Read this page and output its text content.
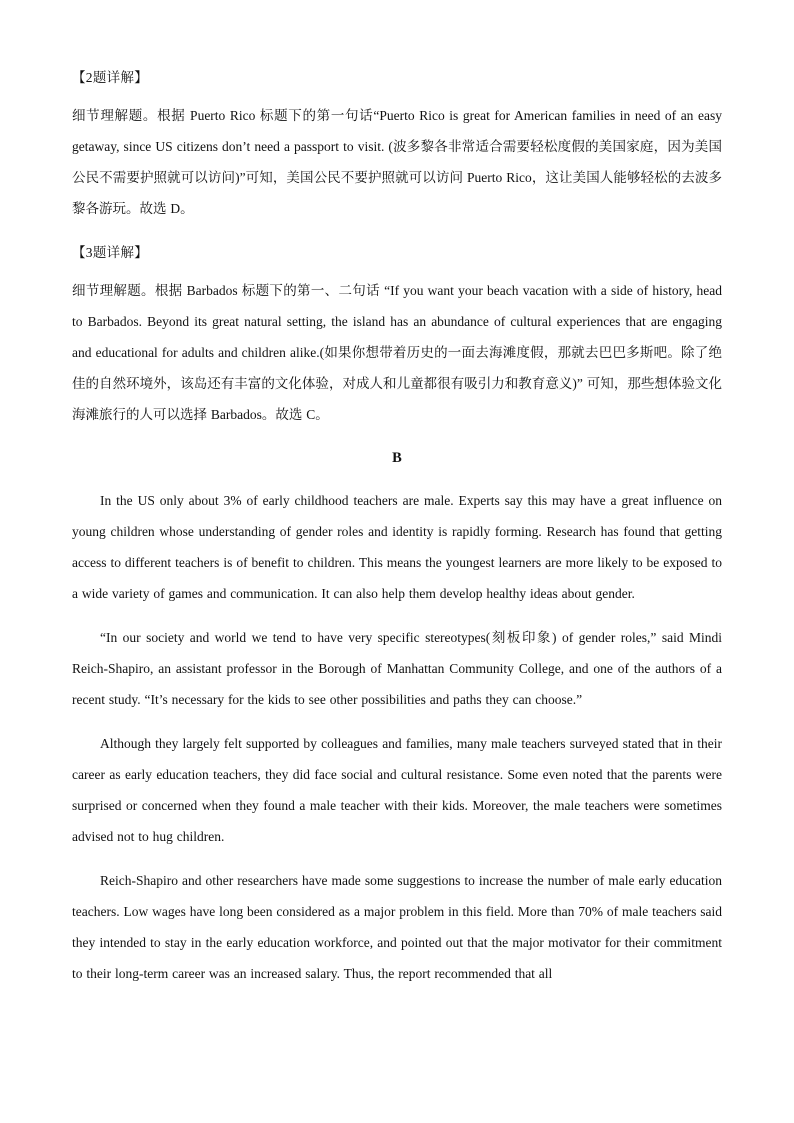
【2题详解】

细节理解题。根据 Puerto Rico 标题下的第一句话“Puerto Rico is great for American families in need of an easy getaway, since US citizens don’t need a passport to visit. (波多黎各非常适合需要轻松度假的美国家庭，因为美国公民不需要护照就可以访问)”可知，美国公民不要护照就可以访问 Puerto Rico，这让美国人能够轻松的去波多黎各游玩。故选 D。

【3题详解】

细节理解题。根据 Barbados 标题下的第一、二句话 “If you want your beach vacation with a side of history, head to Barbados. Beyond its great natural setting, the island has an abundance of cultural experiences that are engaging and educational for adults and children alike.(如果你想带着历史的一面去海滩度假，那就去巴巴多斯吧。除了绝佳的自然环境外，该岛还有丰富的文化体验，对成人和儿童都很有吸引力和教育意义)” 可知，那些想体验文化海滩旅行的人可以选择 Barbados。故选 C。

B

In the US only about 3% of early childhood teachers are male. Experts say this may have a great influence on young children whose understanding of gender roles and identity is rapidly forming. Research has found that getting access to different teachers is of benefit to children. This means the youngest learners are more likely to be exposed to a wide variety of games and communication. It can also help them develop healthy ideas about gender.

“In our society and world we tend to have very specific stereotypes(刻板印象) of gender roles,” said Mindi Reich-Shapiro, an assistant professor in the Borough of Manhattan Community College, and one of the authors of a recent study. “It’s necessary for the kids to see other possibilities and paths they can choose.”

Although they largely felt supported by colleagues and families, many male teachers surveyed stated that in their career as early education teachers, they did face social and cultural resistance. Some even noted that the parents were surprised or concerned when they found a male teacher with their kids. Moreover, the male teachers were sometimes advised not to hug children.

Reich-Shapiro and other researchers have made some suggestions to increase the number of male early education teachers. Low wages have long been considered as a major problem in this field. More than 70% of male teachers said they intended to stay in the early education workforce, and pointed out that the major motivator for their commitment to their long-term career was an increased salary. Thus, the report recommended that all
